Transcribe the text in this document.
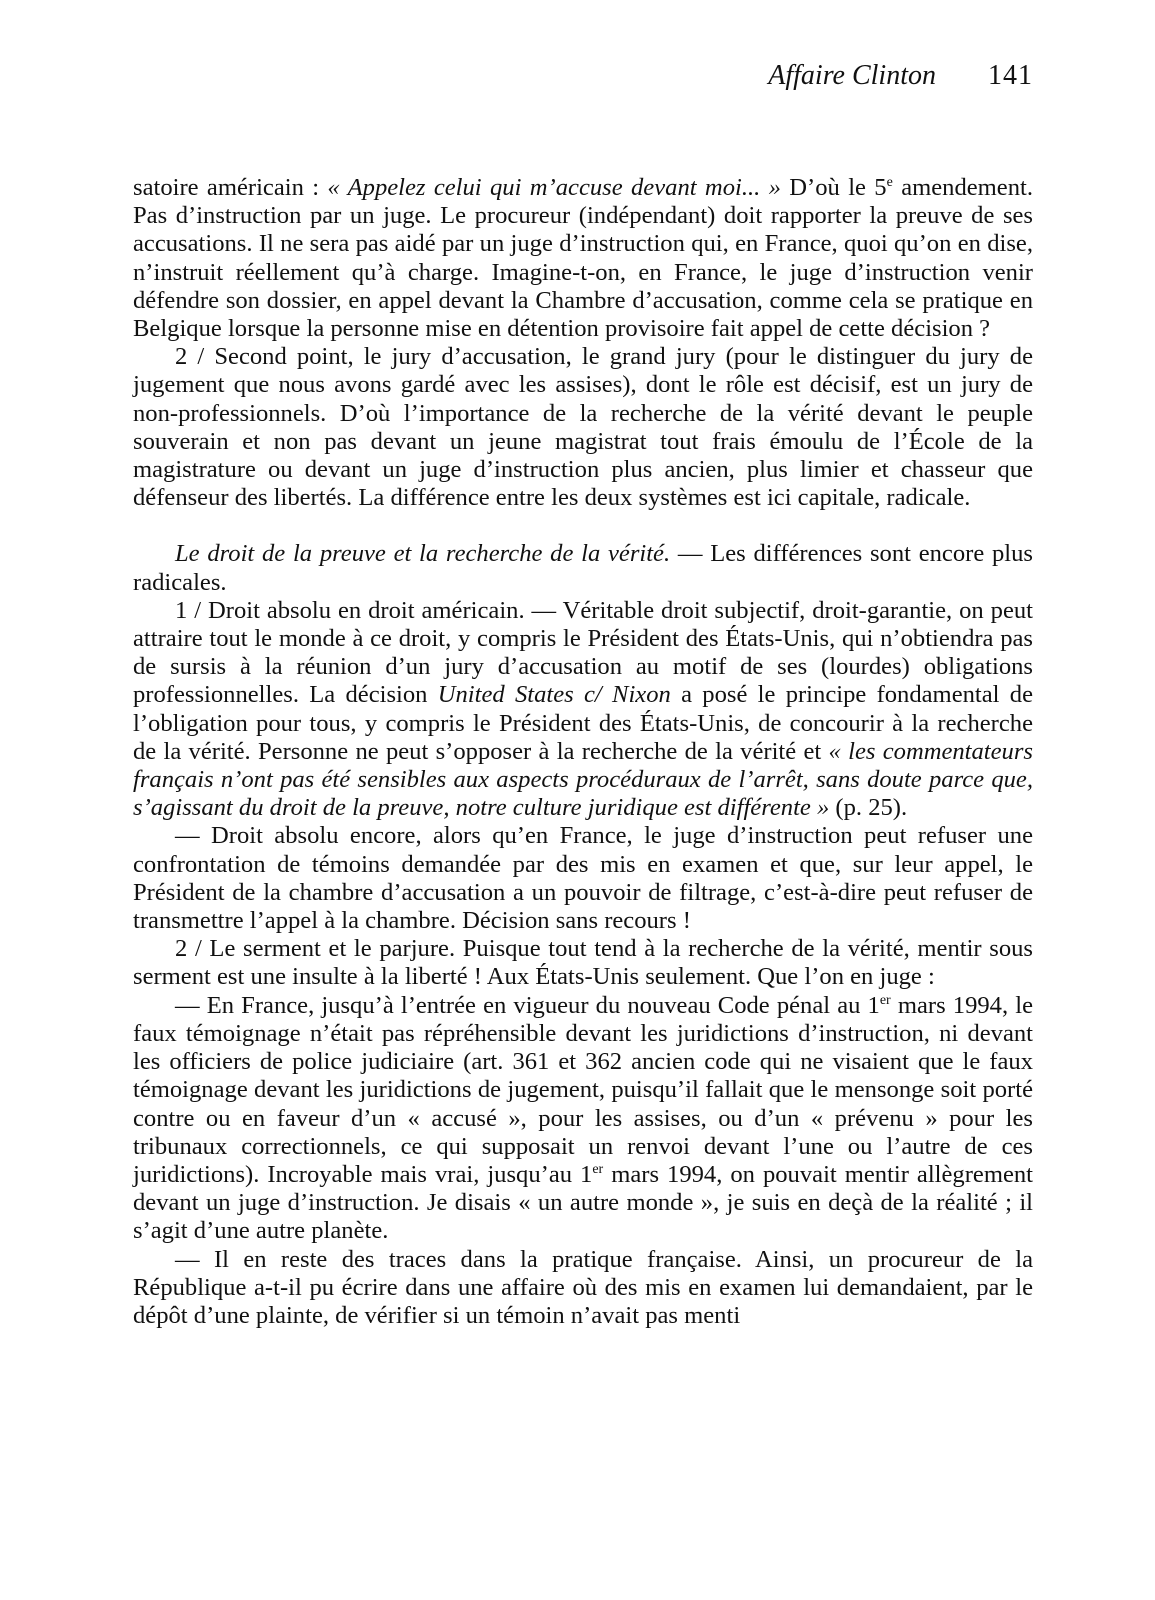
Affaire Clinton 141

satoire américain : « Appelez celui qui m’accuse devant moi... » D’où le 5e amendement. Pas d’instruction par un juge. Le procureur (indépendant) doit rapporter la preuve de ses accusations. Il ne sera pas aidé par un juge d’instruction qui, en France, quoi qu’on en dise, n’instruit réellement qu’à charge. Imagine-t-on, en France, le juge d’instruction venir défendre son dossier, en appel devant la Chambre d’accusation, comme cela se pratique en Belgique lorsque la personne mise en détention provisoire fait appel de cette décision ?

2 / Second point, le jury d’accusation, le grand jury (pour le distinguer du jury de jugement que nous avons gardé avec les assises), dont le rôle est décisif, est un jury de non-professionnels. D’où l’importance de la recherche de la vérité devant le peuple souverain et non pas devant un jeune magistrat tout frais émoulu de l’École de la magistrature ou devant un juge d’instruction plus ancien, plus limier et chasseur que défenseur des libertés. La différence entre les deux systèmes est ici capitale, radicale.

Le droit de la preuve et la recherche de la vérité. — Les différences sont encore plus radicales.

1 / Droit absolu en droit américain. — Véritable droit subjectif, droit-garantie, on peut attraire tout le monde à ce droit, y compris le Président des États-Unis, qui n’obtiendra pas de sursis à la réunion d’un jury d’accusation au motif de ses (lourdes) obligations professionnelles. La décision United States c/ Nixon a posé le principe fondamental de l’obligation pour tous, y compris le Président des États-Unis, de concourir à la recherche de la vérité. Personne ne peut s’opposer à la recherche de la vérité et « les commentateurs français n’ont pas été sensibles aux aspects procéduraux de l’arrêt, sans doute parce que, s’agissant du droit de la preuve, notre culture juridique est différente » (p. 25).

— Droit absolu encore, alors qu’en France, le juge d’instruction peut refuser une confrontation de témoins demandée par des mis en examen et que, sur leur appel, le Président de la chambre d’accusation a un pouvoir de filtrage, c’est-à-dire peut refuser de transmettre l’appel à la chambre. Décision sans recours !

2 / Le serment et le parjure. Puisque tout tend à la recherche de la vérité, mentir sous serment est une insulte à la liberté ! Aux États-Unis seulement. Que l’on en juge :

— En France, jusqu’à l’entrée en vigueur du nouveau Code pénal au 1er mars 1994, le faux témoignage n’était pas répréhensible devant les juridictions d’instruction, ni devant les officiers de police judiciaire (art. 361 et 362 ancien code qui ne visaient que le faux témoignage devant les juridictions de jugement, puisqu’il fallait que le mensonge soit porté contre ou en faveur d’un « accusé », pour les assises, ou d’un « prévenu » pour les tribunaux correctionnels, ce qui supposait un renvoi devant l’une ou l’autre de ces juridictions). Incroyable mais vrai, jusqu’au 1er mars 1994, on pouvait mentir allègrement devant un juge d’instruction. Je disais « un autre monde », je suis en deçà de la réalité ; il s’agit d’une autre planète.

— Il en reste des traces dans la pratique française. Ainsi, un procureur de la République a-t-il pu écrire dans une affaire où des mis en examen lui demandaient, par le dépôt d’une plainte, de vérifier si un témoin n’avait pas menti
